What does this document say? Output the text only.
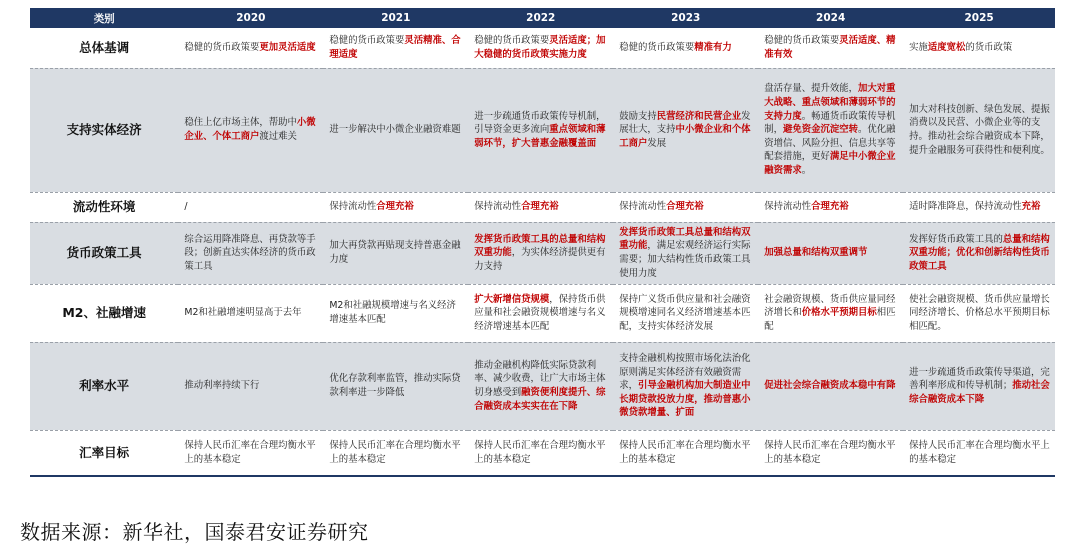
类别	2020	2021	2022	2023	2024	2025
总体基调	稳健的货币政策要更加灵活适度	稳健的货币政策要灵活精准、合理适度	稳健的货币政策要灵活适度；加大稳健的货币政策实施力度	稳健的货币政策要精准有力	稳健的货币政策要灵活适度、精准有效	实施适度宽松的货币政策
支持实体经济	稳住上亿市场主体，帮助中小微企业、个体工商户渡过难关	进一步解决中小微企业融资难题	进一步疏通货币政策传导机制，引导资金更多流向重点领域和薄弱环节，扩大普惠金融覆盖面	鼓励支持民营经济和民营企业发展壮大，支持中小微企业和个体工商户发展	盘活存量、提升效能，加大对重大战略、重点领域和薄弱环节的支持力度。畅通货币政策传导机制，避免资金沉淀空转。优化融资增信、风险分担、信息共享等配套措施，更好满足中小微企业融资需求。	加大对科技创新、绿色发展、提振消费以及民营、小微企业等的支持。推动社会综合融资成本下降，提升金融服务可获得性和便利度。
流动性环境	/	保持流动性合理充裕	保持流动性合理充裕	保持流动性合理充裕	保持流动性合理充裕	适时降准降息，保持流动性充裕
货币政策工具	综合运用降准降息、再贷款等手段；创新直达实体经济的货币政策工具	加大再贷款再贴现支持普惠金融力度	发挥货币政策工具的总量和结构双重功能，为实体经济提供更有力支持	发挥货币政策工具总量和结构双重功能，满足宏观经济运行实际需要；加大结构性货币政策工具使用力度	加强总量和结构双重调节	发挥好货币政策工具的总量和结构双重功能；优化和创新结构性货币政策工具
M2、社融增速	M2和社融增速明显高于去年	M2和社融规模增速与名义经济增速基本匹配	扩大新增信贷规模，保持货币供应量和社会融资规模增速与名义经济增速基本匹配	保持广义货币供应量和社会融资规模增速同名义经济增速基本匹配，支持实体经济发展	社会融资规模、货币供应量同经济增长和价格水平预期目标相匹配	使社会融资规模、货币供应量增长同经济增长、价格总水平预期目标相匹配。
利率水平	推动利率持续下行	优化存款利率监管，推动实际贷款利率进一步降低	推动金融机构降低实际贷款利率、减少收费，让广大市场主体切身感受到融资便利度提升、综合融资成本实实在在下降	支持金融机构按照市场化法治化原则满足实体经济有效融资需求，引导金融机构加大制造业中长期贷款投放力度，推动普惠小微贷款增量、扩面	促进社会综合融资成本稳中有降	进一步疏通货币政策传导渠道，完善利率形成和传导机制；推动社会综合融资成本下降
汇率目标	保持人民币汇率在合理均衡水平上的基本稳定	保持人民币汇率在合理均衡水平上的基本稳定	保持人民币汇率在合理均衡水平上的基本稳定	保持人民币汇率在合理均衡水平上的基本稳定	保持人民币汇率在合理均衡水平上的基本稳定	保持人民币汇率在合理均衡水平上的基本稳定
数据来源：新华社，国泰君安证券研究
